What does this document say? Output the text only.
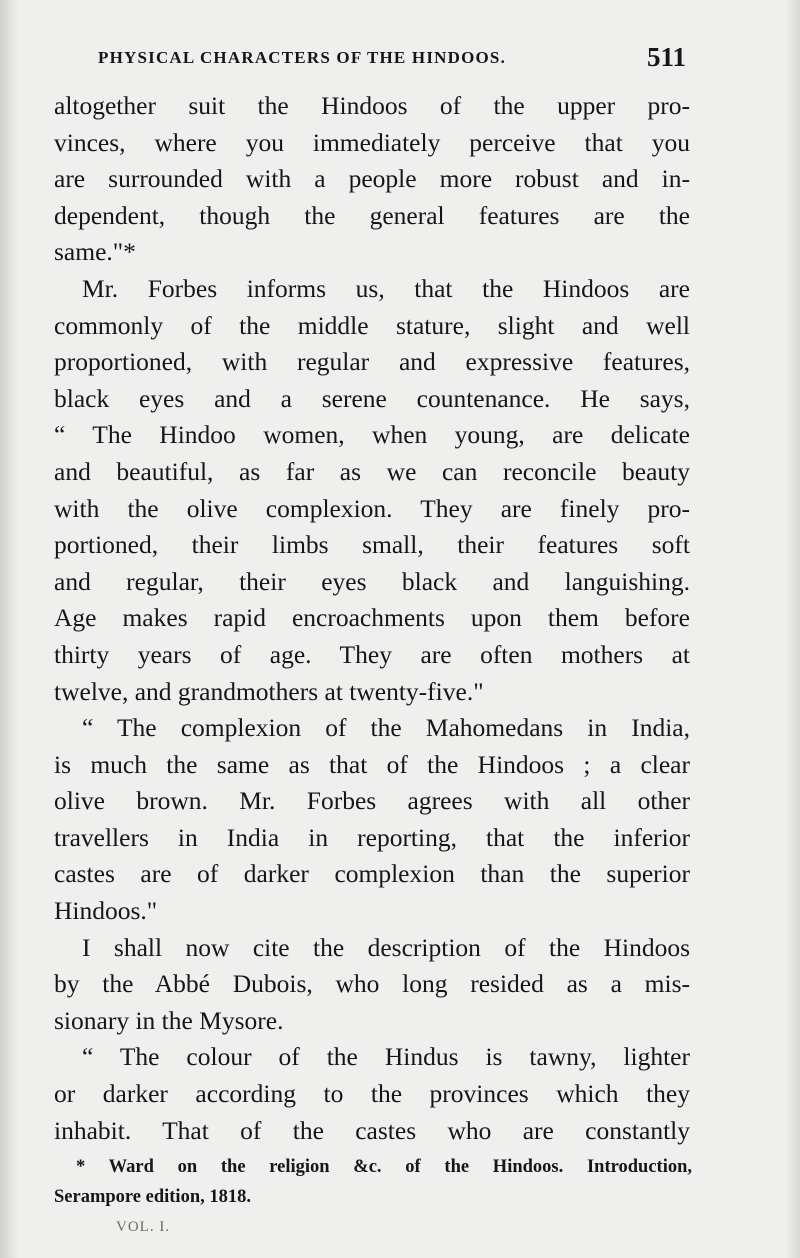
PHYSICAL CHARACTERS OF THE HINDOOS.	511
altogether suit the Hindoos of the upper pro-
vinces, where you immediately perceive that you
are surrounded with a people more robust and in-
dependent, though the general features are the
same."*
Mr. Forbes informs us, that the Hindoos are
commonly of the middle stature, slight and well
proportioned, with regular and expressive features,
black eyes and a serene countenance. He says,
“ The Hindoo women, when young, are delicate
and beautiful, as far as we can reconcile beauty
with the olive complexion. They are finely pro-
portioned, their limbs small, their features soft
and regular, their eyes black and languishing.
Age makes rapid encroachments upon them before
thirty years of age. They are often mothers at
twelve, and grandmothers at twenty-five."
“ The complexion of the Mahomedans in India,
is much the same as that of the Hindoos ; a clear
olive brown. Mr. Forbes agrees with all other
travellers in India in reporting, that the inferior
castes are of darker complexion than the superior
Hindoos."
I shall now cite the description of the Hindoos
by the Abbé Dubois, who long resided as a mis-
sionary in the Mysore.
“ The colour of the Hindus is tawny, lighter
or darker according to the provinces which they
inhabit. That of the castes who are constantly
* Ward on the religion &c. of the Hindoos. Introduction,
Serampore edition, 1818.
VOL. I.
